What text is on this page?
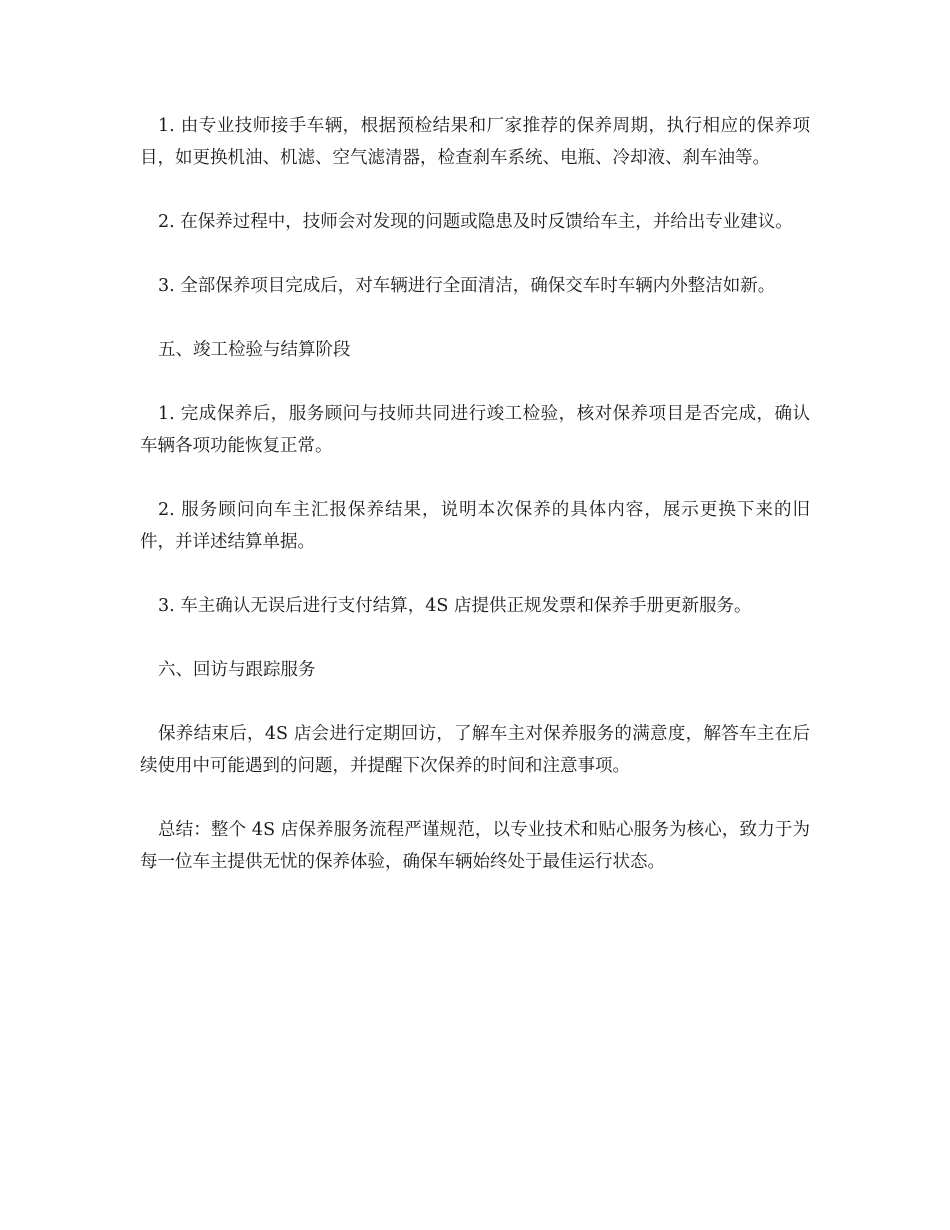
1. 由专业技师接手车辆，根据预检结果和厂家推荐的保养周期，执行相应的保养项目，如更换机油、机滤、空气滤清器，检查刹车系统、电瓶、冷却液、刹车油等。

2. 在保养过程中，技师会对发现的问题或隐患及时反馈给车主，并给出专业建议。

3. 全部保养项目完成后，对车辆进行全面清洁，确保交车时车辆内外整洁如新。

五、竣工检验与结算阶段

1. 完成保养后，服务顾问与技师共同进行竣工检验，核对保养项目是否完成，确认车辆各项功能恢复正常。

2. 服务顾问向车主汇报保养结果，说明本次保养的具体内容，展示更换下来的旧件，并详述结算单据。

3. 车主确认无误后进行支付结算，4S 店提供正规发票和保养手册更新服务。

六、回访与跟踪服务

保养结束后，4S 店会进行定期回访，了解车主对保养服务的满意度，解答车主在后续使用中可能遇到的问题，并提醒下次保养的时间和注意事项。

总结：整个 4S 店保养服务流程严谨规范，以专业技术和贴心服务为核心，致力于为每一位车主提供无忧的保养体验，确保车辆始终处于最佳运行状态。
